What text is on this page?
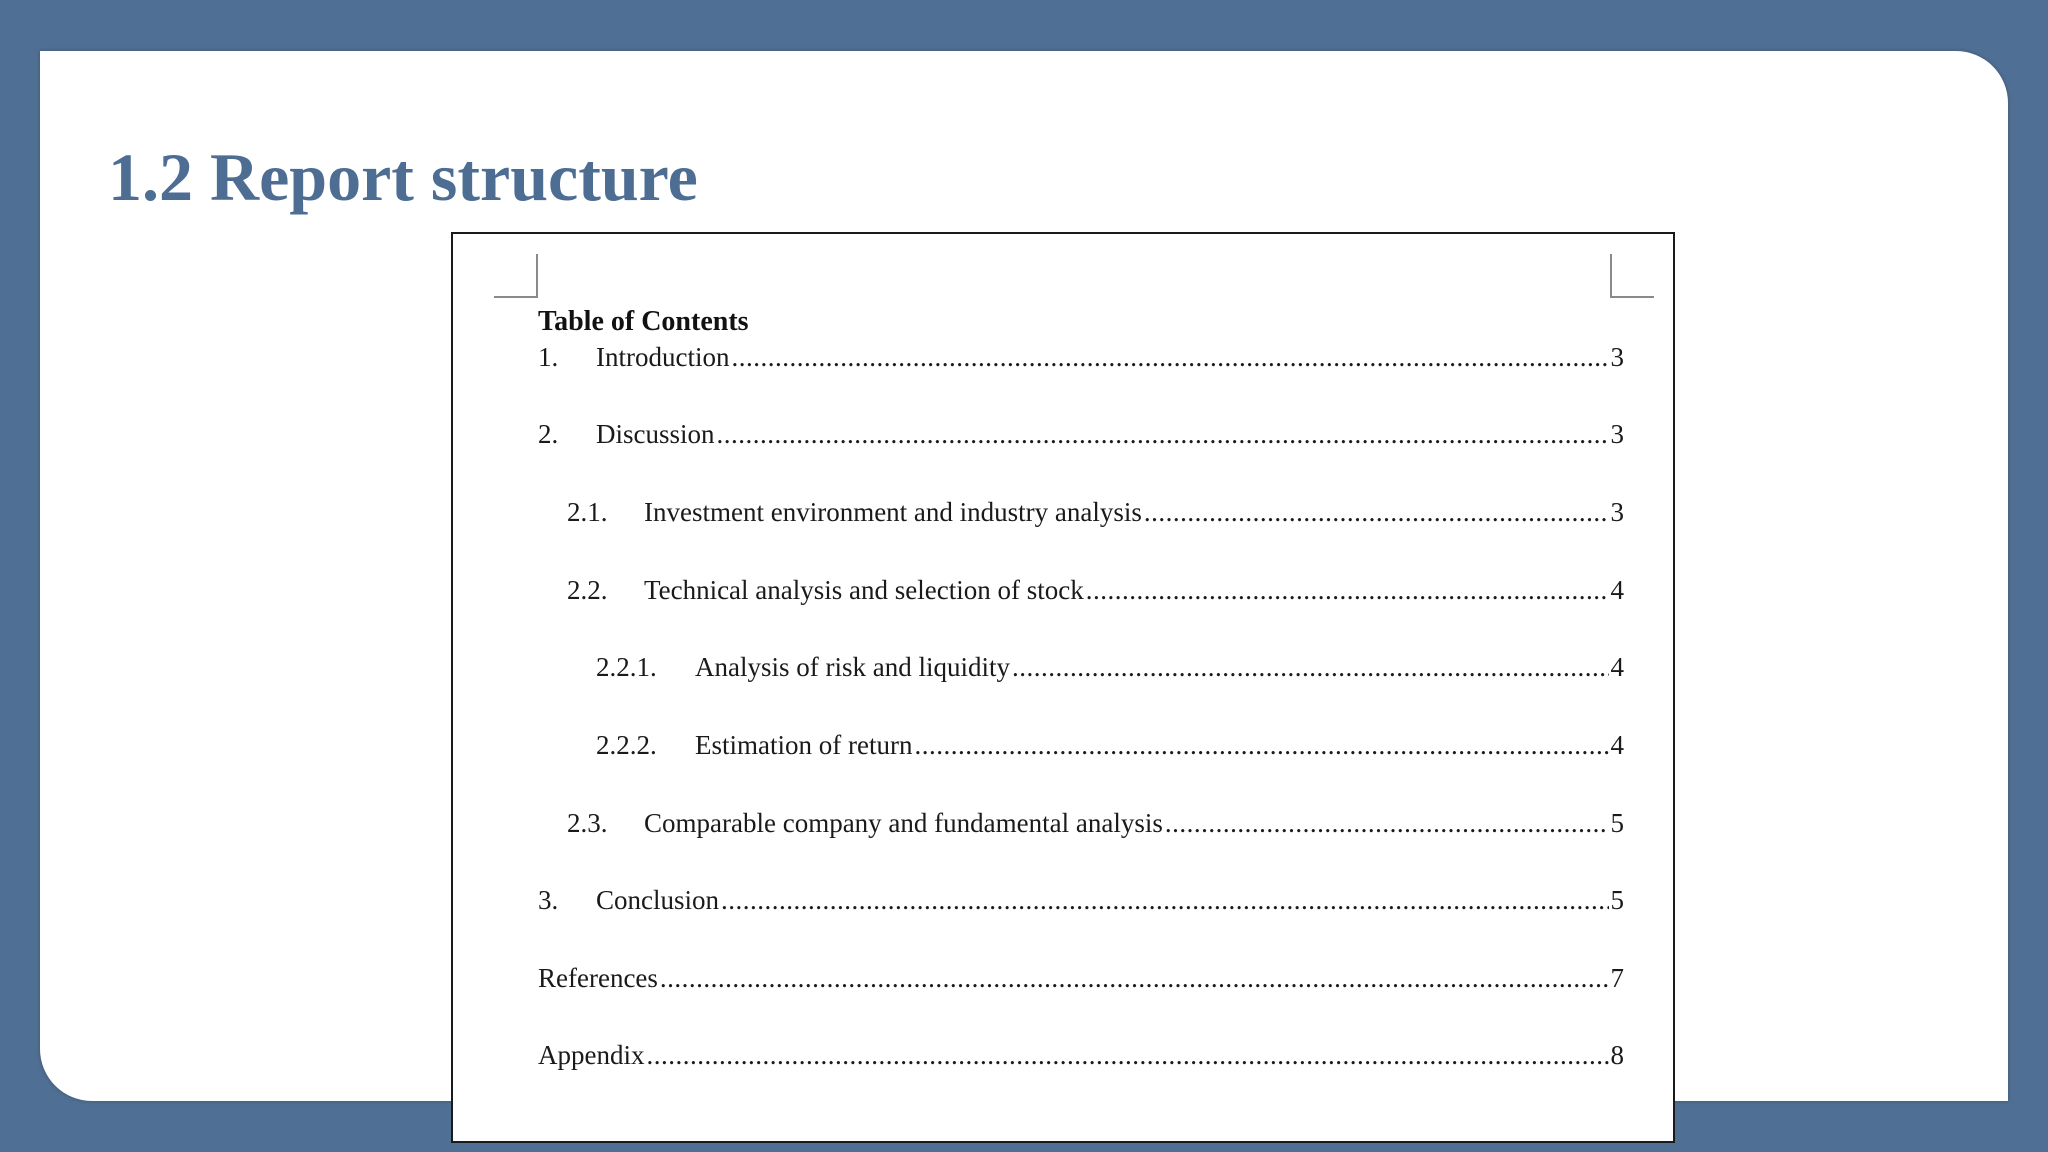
1.2 Report structure
Table of Contents
1.	Introduction .....	3
2.	Discussion .....	3
2.1.	Investment environment and industry analysis .....	3
2.2.	Technical analysis and selection of stock .....	4
2.2.1.	Analysis of risk and liquidity .....	4
2.2.2.	Estimation of return .....	4
2.3.	Comparable company and fundamental analysis .....	5
3.	Conclusion .....	5
References .....	7
Appendix .....	8
